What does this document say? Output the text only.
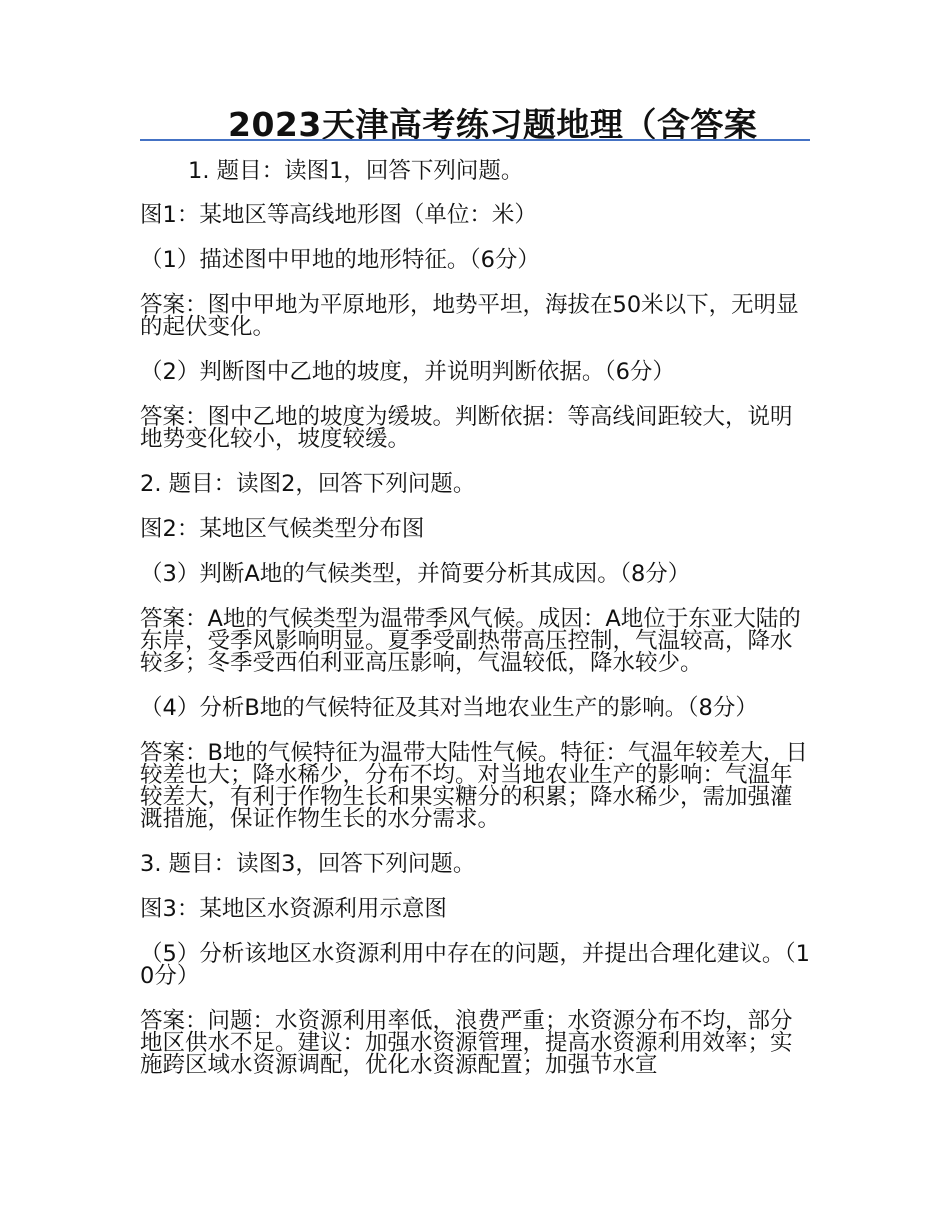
2023天津高考练习题地理（含答案
1. 题目：读图1，回答下列问题。
图1：某地区等高线地形图（单位：米）
（1）描述图中甲地的地形特征。（6分）
答案：图中甲地为平原地形，地势平坦，海拔在50米以下，无明显的起伏变化。
（2）判断图中乙地的坡度，并说明判断依据。（6分）
答案：图中乙地的坡度为缓坡。判断依据：等高线间距较大，说明地势变化较小，坡度较缓。
2. 题目：读图2，回答下列问题。
图2：某地区气候类型分布图
（3）判断A地的气候类型，并简要分析其成因。（8分）
答案：A地的气候类型为温带季风气候。成因：A地位于东亚大陆的东岸，受季风影响明显。夏季受副热带高压控制，气温较高，降水较多；冬季受西伯利亚高压影响，气温较低，降水较少。
（4）分析B地的气候特征及其对当地农业生产的影响。（8分）
答案：B地的气候特征为温带大陆性气候。特征：气温年较差大，日较差也大；降水稀少，分布不均。对当地农业生产的影响：气温年较差大，有利于作物生长和果实糖分的积累；降水稀少，需加强灌溉措施，保证作物生长的水分需求。
3. 题目：读图3，回答下列问题。
图3：某地区水资源利用示意图
（5）分析该地区水资源利用中存在的问题，并提出合理化建议。（10分）
答案：问题：水资源利用率低，浪费严重；水资源分布不均，部分地区供水不足。建议：加强水资源管理，提高水资源利用效率；实施跨区域水资源调配，优化水资源配置；加强节水宣
